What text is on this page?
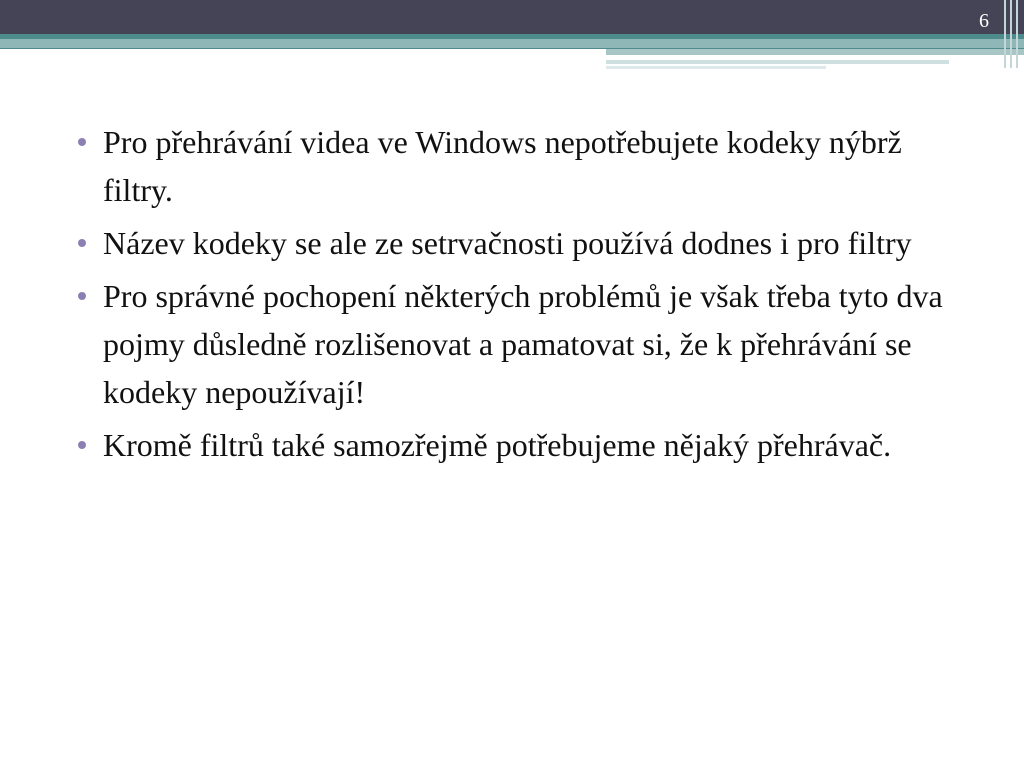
6
Pro přehrávání videa ve Windows nepotřebujete kodeky nýbrž filtry.
Název kodeky se ale ze setrvačnosti používá dodnes i pro filtry
Pro správné pochopení některých problémů je však třeba tyto dva pojmy důsledně rozlišenovat a pamatovat si, že k přehrávání se kodeky nepoužívají!
Kromě filtrů také samozřejmě potřebujeme nějaký přehrávač.
